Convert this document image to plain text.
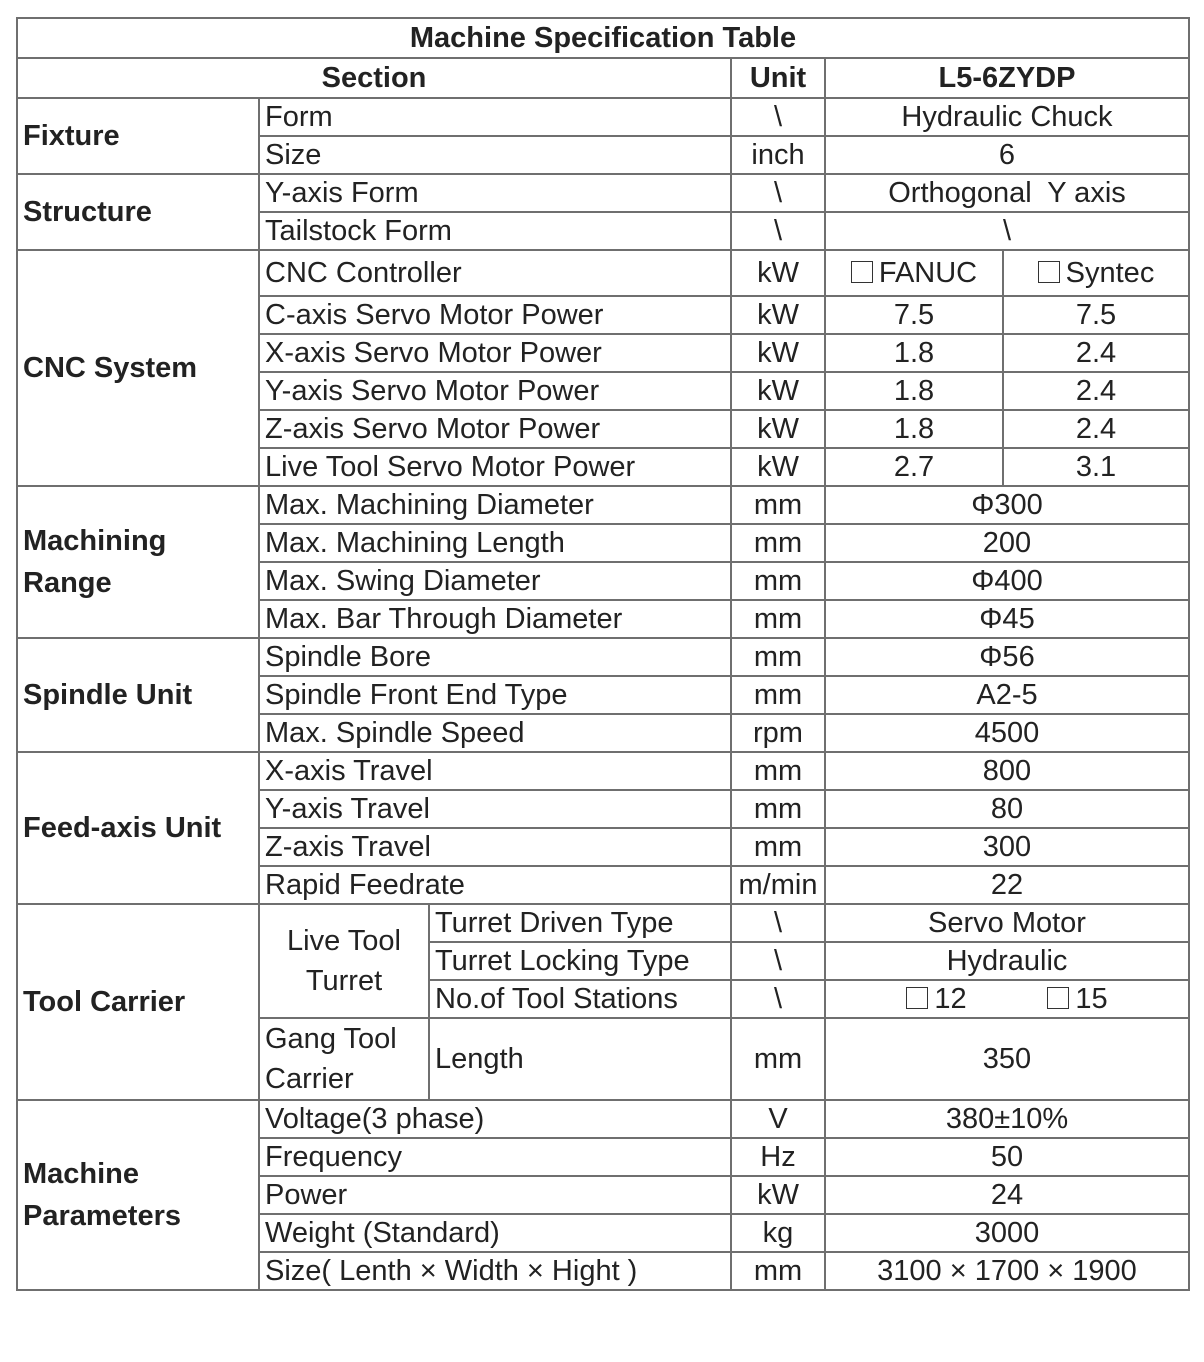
Machine Specification Table					
Section			Unit	L5-6ZYDP	
Fixture	Form		\	Hydraulic Chuck	
	Size		inch	6	
Structure	Y-axis Form		\	Orthogonal  Y axis	
	Tailstock Form		\	\	
CNC System	CNC Controller		kW	FANUC	Syntec
	C-axis Servo Motor Power		kW	7.5	7.5
	X-axis Servo Motor Power		kW	1.8	2.4
	Y-axis Servo Motor Power		kW	1.8	2.4
	Z-axis Servo Motor Power		kW	1.8	2.4
	Live Tool Servo Motor Power		kW	2.7	3.1
Machining Range	Max. Machining Diameter		mm	Φ300	
	Max. Machining Length		mm	200	
	Max. Swing Diameter		mm	Φ400	
	Max. Bar Through Diameter		mm	Φ45	
Spindle Unit	Spindle Bore		mm	Φ56	
	Spindle Front End Type		mm	A2-5	
	Max. Spindle Speed		rpm	4500	
Feed-axis Unit	X-axis Travel		mm	800	
	Y-axis Travel		mm	80	
	Z-axis Travel		mm	300	
	Rapid Feedrate		m/min	22	
Tool Carrier	Live Tool Turret	Turret Driven Type	\	Servo Motor	
		Turret Locking Type	\	Hydraulic	
		No.of Tool Stations	\	12 15	

	Gang Tool Carrier	Length	mm	350	
Machine Parameters	Voltage(3 phase)		V	380±10%	
	Frequency		Hz	50	
	Power		kW	24	
	Weight (Standard)		kg	3000	
	Size( Lenth × Width × Hight )		mm	3100 × 1700 × 1900	
